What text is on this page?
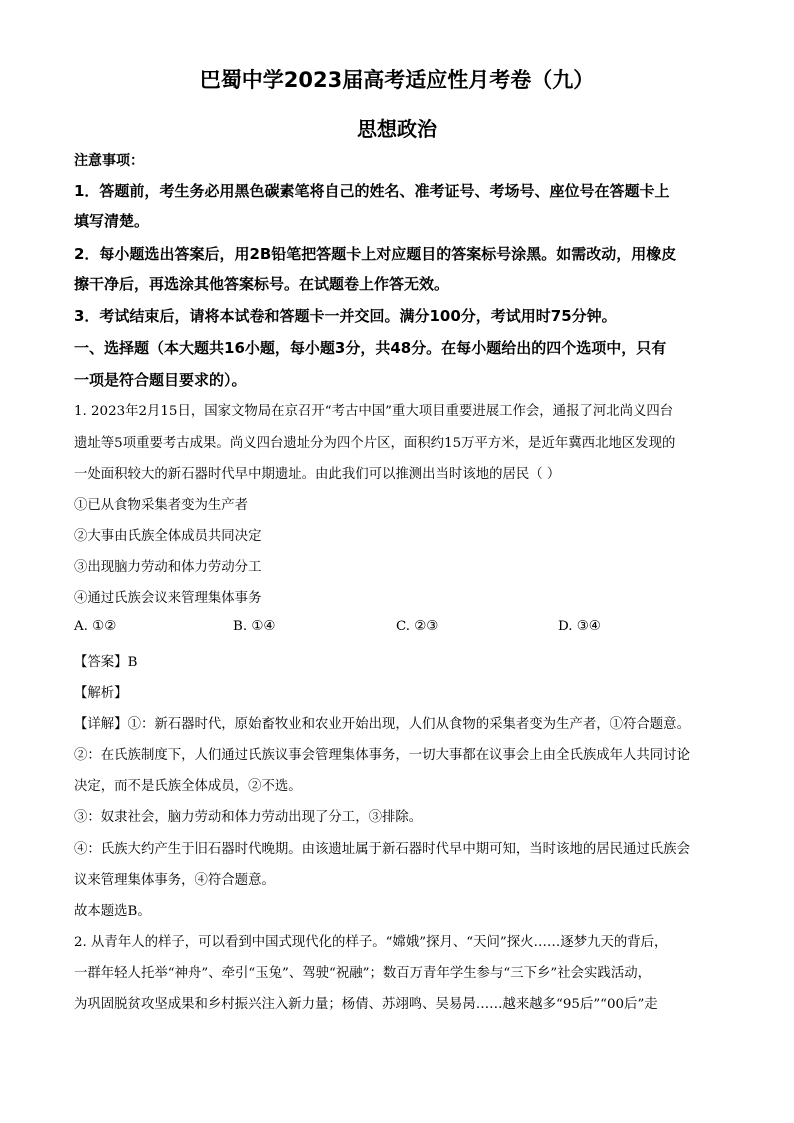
巴蜀中学2023届高考适应性月考卷（九）
思想政治
注意事项：
1．答题前，考生务必用黑色碳素笔将自己的姓名、准考证号、考场号、座位号在答题卡上
填写清楚。
2．每小题选出答案后，用2B铅笔把答题卡上对应题目的答案标号涂黑。如需改动，用橡皮
擦干净后，再选涂其他答案标号。在试题卷上作答无效。
3．考试结束后，请将本试卷和答题卡一并交回。满分100分，考试用时75分钟。
一、选择题（本大题共16小题，每小题3分，共48分。在每小题给出的四个选项中，只有
一项是符合题目要求的）。
1. 2023年2月15日，国家文物局在京召开“考古中国”重大项目重要进展工作会，通报了河北尚义四台
遗址等5项重要考古成果。尚义四台遗址分为四个片区，面积约15万平方米，是近年冀西北地区发现的
一处面积较大的新石器时代早中期遗址。由此我们可以推测出当时该地的居民（ ）
①已从食物采集者变为生产者
②大事由氏族全体成员共同决定
③出现脑力劳动和体力劳动分工
④通过氏族会议来管理集体事务
A. ①②	B. ①④	C. ②③	D. ③④
【答案】B
【解析】
【详解】①：新石器时代，原始畜牧业和农业开始出现，人们从食物的采集者变为生产者，①符合题意。
②：在氏族制度下，人们通过氏族议事会管理集体事务，一切大事都在议事会上由全氏族成年人共同讨论
决定，而不是氏族全体成员，②不选。
③：奴隶社会，脑力劳动和体力劳动出现了分工，③排除。
④：氏族大约产生于旧石器时代晚期。由该遗址属于新石器时代早中期可知，当时该地的居民通过氏族会
议来管理集体事务，④符合题意。
故本题选B。
2. 从青年人的样子，可以看到中国式现代化的样子。“嫦娥”探月、“天问”探火……逐梦九天的背后，
一群年轻人托举“神舟”、牵引“玉兔”、驾驶“祝融”；数百万青年学生参与“三下乡”社会实践活动，
为巩固脱贫攻坚成果和乡村振兴注入新力量；杨倩、苏翊鸣、吴易昺……越来越多“95后”“00后”走
